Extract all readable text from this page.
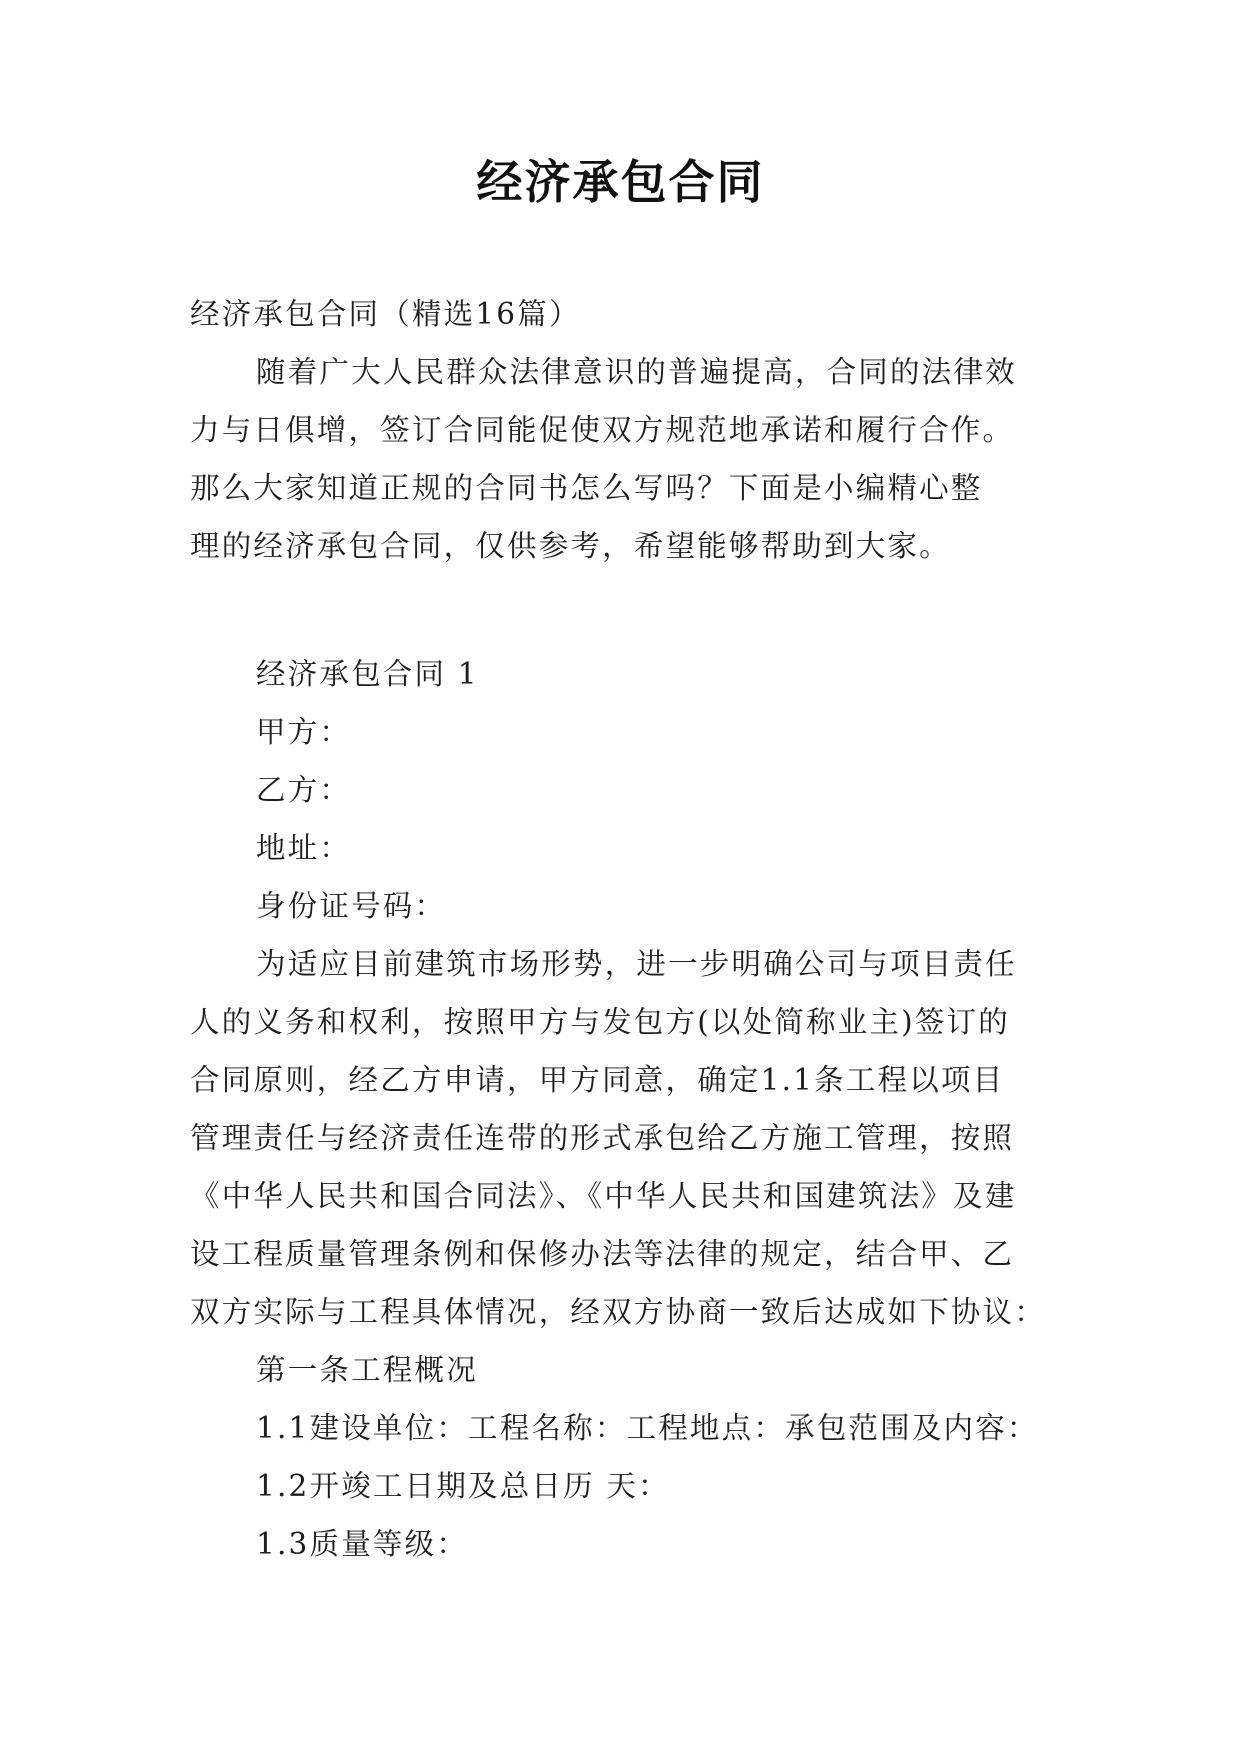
经济承包合同
经济承包合同（精选16篇）
随着广大人民群众法律意识的普遍提高，合同的法律效
力与日俱增，签订合同能促使双方规范地承诺和履行合作。
那么大家知道正规的合同书怎么写吗？下面是小编精心整
理的经济承包合同，仅供参考，希望能够帮助到大家。
经济承包合同 1
甲方：
乙方：
地址：
身份证号码：
为适应目前建筑市场形势，进一步明确公司与项目责任
人的义务和权利，按照甲方与发包方(以处简称业主)签订的
合同原则，经乙方申请，甲方同意，确定1.1条工程以项目
管理责任与经济责任连带的形式承包给乙方施工管理，按照
《中华人民共和国合同法》、《中华人民共和国建筑法》及建
设工程质量管理条例和保修办法等法律的规定，结合甲、乙
双方实际与工程具体情况，经双方协商一致后达成如下协议：
第一条工程概况
1.1建设单位：工程名称：工程地点：承包范围及内容：
1.2开竣工日期及总日历 天：
1.3质量等级：
